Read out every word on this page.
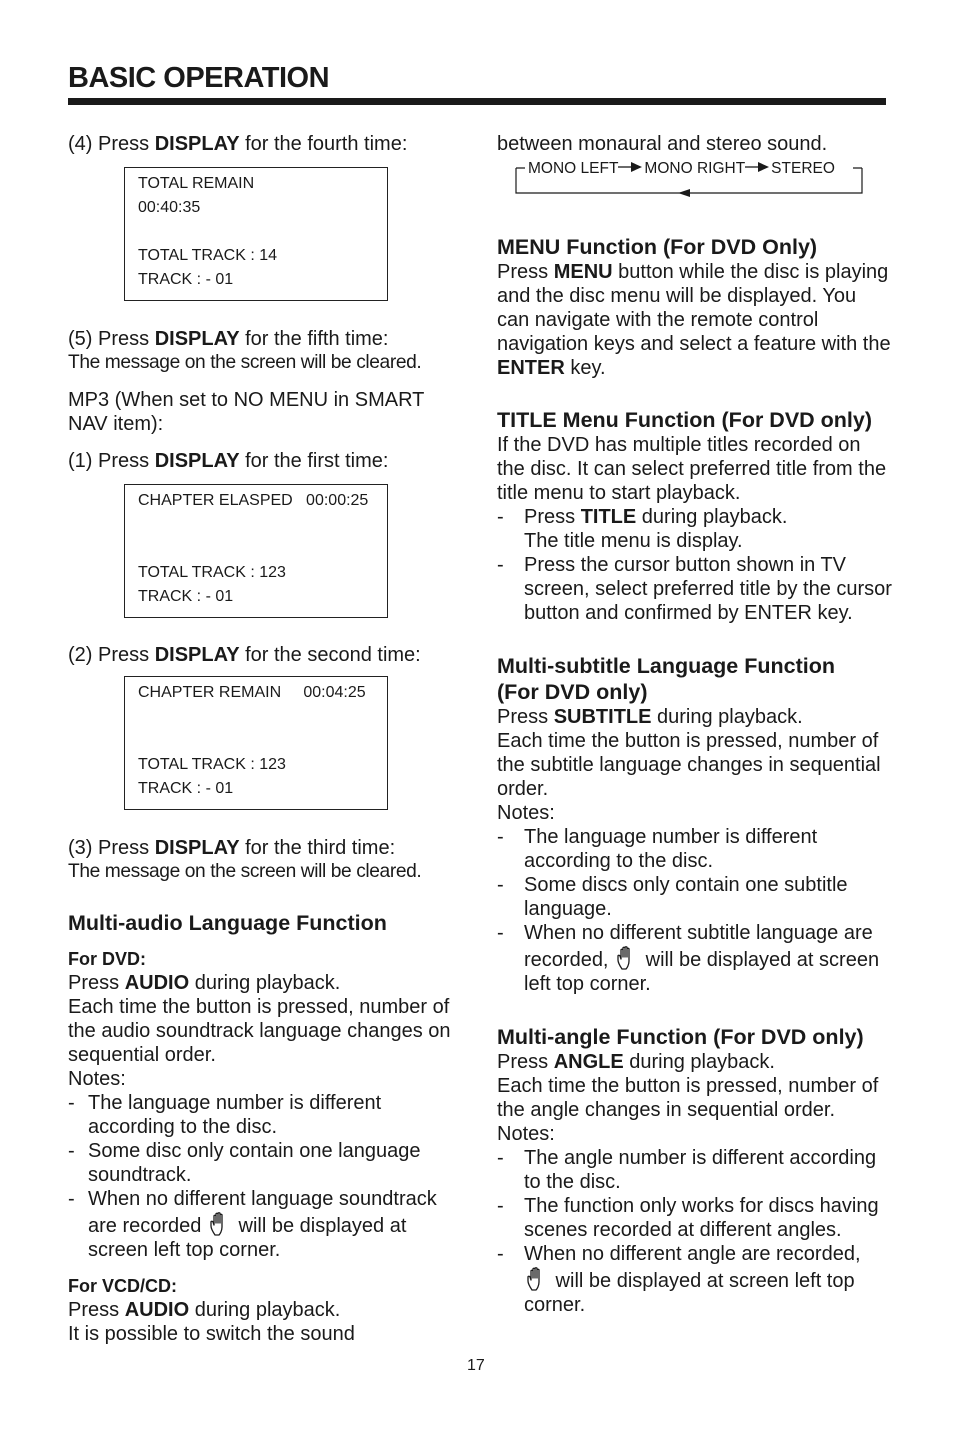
BASIC OPERATION

(4) Press DISPLAY for the fourth time:

TOTAL REMAIN
00:40:35
TOTAL TRACK : 14
TRACK : - 01

(5) Press DISPLAY for the fifth time:

The message on the screen will be cleared.

MP3 (When set to NO MENU in SMART NAV item):

(1) Press DISPLAY for the first time:

CHAPTER ELASPED   00:00:25
TOTAL TRACK : 123
TRACK : - 01

(2) Press DISPLAY for the second time:

CHAPTER REMAIN     00:04:25
TOTAL TRACK : 123
TRACK : - 01

(3) Press DISPLAY for the third time:

The message on the screen will be cleared.

Multi-audio Language Function

For DVD:

Press AUDIO during playback.

Each time the button is pressed, number of the audio soundtrack language changes on sequential order.

Notes:

- The language number is different according to the disc.
- Some disc only contain one language soundtrack.
- When no different language soundtrack are recorded  will be displayed at screen left top corner.

For VCD/CD:

Press AUDIO during playback.

It is possible to switch the sound

between monaural and stereo sound.

MONO LEFT MONO RIGHT STEREO

MENU Function (For DVD Only)

Press MENU button while the disc is playing and the disc menu will be displayed. You can navigate with the remote control navigation keys and select a feature with the ENTER key.

TITLE Menu Function (For DVD only)

If the DVD has multiple titles recorded on the disc. It can select preferred title from the title menu to start playback.

- Press TITLE during playback.
The title menu is display.
- Press the cursor button shown in TV screen, select preferred title by the cursor button and confirmed by ENTER key.

Multi-subtitle Language Function
(For DVD only)

Press SUBTITLE during playback.

Each time the button is pressed, number of the subtitle language changes in sequential order.

Notes:

- The language number is different according to the disc.
- Some discs only contain one subtitle language.
- When no different subtitle language are recorded,  will be displayed at screen left top corner.

Multi-angle Function (For DVD only)

Press ANGLE during playback.

Each time the button is pressed, number of the angle changes in sequential order.

Notes:

- The angle number is different according to the disc.
- The function only works for discs having scenes recorded at different angles.
- When no different angle are recorded,
will be displayed at screen left top corner.
17
